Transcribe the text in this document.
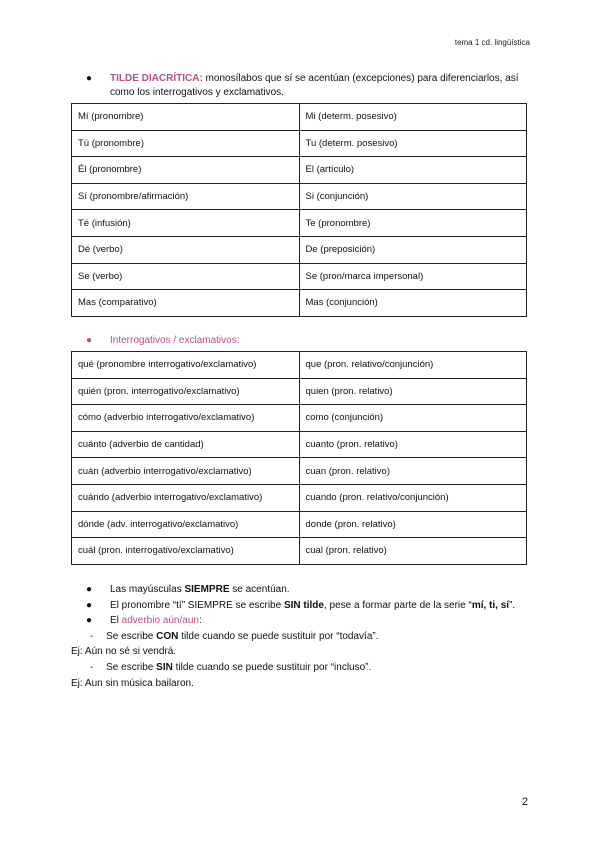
tema 1 cd. lingüística
● TILDE DIACRÍTICA: monosílabos que sí se acentúan (excepciones) para diferenciarlos, así
como los interrogativos y exclamativos.
Mí (pronombre)	Mi (determ. posesivo)
Tú (pronombre)	Tu (determ. posesivo)
Él (pronombre)	El (artículo)
Sí (pronombre/afirmación)	Si (conjunción)
Té (infusión)	Te (pronombre)
Dé (verbo)	De (preposición)
Se (verbo)	Se (pron/marca impersonal)
Mas (comparativo)	Mas (conjunción)
● Interrogativos / exclamativos:
qué (pronombre interrogativo/exclamativo)	que (pron. relativo/conjunción)
quién (pron. interrogativo/exclamativo)	quien (pron. relativo)
cómo (adverbio interrogativo/exclamativo)	como (conjunción)
cuánto (adverbio de cantidad)	cuanto (pron. relativo)
cuán (adverbio interrogativo/exclamativo)	cuan (pron. relativo)
cuándo (adverbio interrogativo/exclamativo)	cuando (pron. relativo/conjunción)
dónde (adv. interrogativo/exclamativo)	donde (pron. relativo)
cuál (pron. interrogativo/exclamativo)	cual (pron. relativo)
● Las mayúsculas SIEMPRE se acentúan.
● El pronombre “tí” SIEMPRE se escribe SIN tilde, pese a formar parte de la serie “mí, ti, sí”.
● El adverbio aún/aun:
- Se escribe CON tilde cuando se puede sustituir por “todavía”.
Ej: Aún no sé si vendrá.
- Se escribe SIN tilde cuando se puede sustituir por “incluso”.
Ej: Aun sin música bailaron.
2
